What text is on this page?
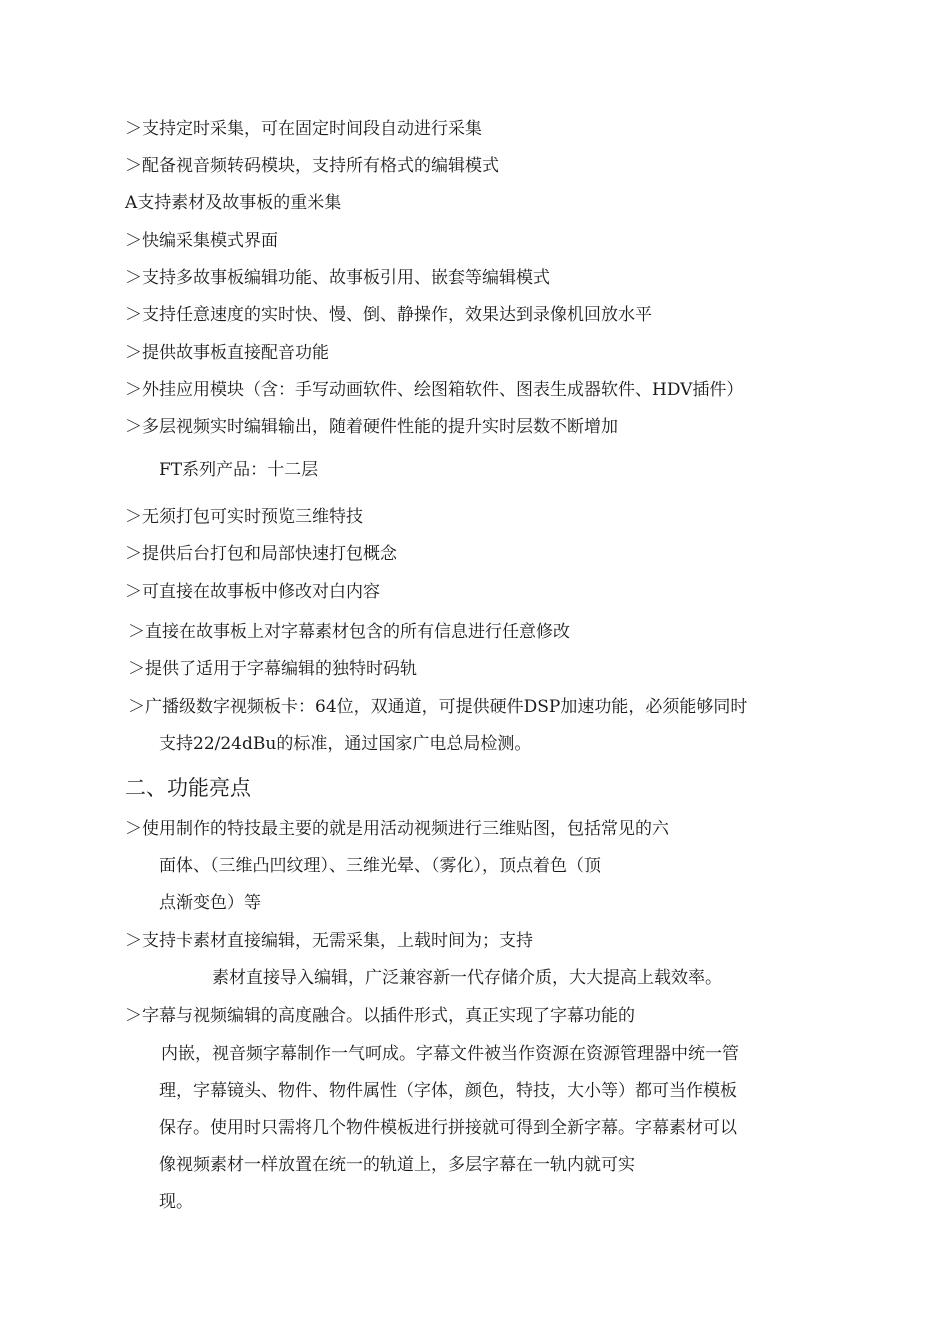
＞支持定时采集，可在固定时间段自动进行采集
＞配备视音频转码模块，支持所有格式的编辑模式
A支持素材及故事板的重米集
＞快编采集模式界面
＞支持多故事板编辑功能、故事板引用、嵌套等编辑模式
＞支持任意速度的实时快、慢、倒、静操作，效果达到录像机回放水平
＞提供故事板直接配音功能
＞外挂应用模块（含：手写动画软件、绘图箱软件、图表生成器软件、HDV插件）
＞多层视频实时编辑输出，随着硬件性能的提升实时层数不断增加
FT系列产品：十二层
＞无须打包可实时预览三维特技
＞提供后台打包和局部快速打包概念
＞可直接在故事板中修改对白内容
＞直接在故事板上对字幕素材包含的所有信息进行任意修改
＞提供了适用于字幕编辑的独特时码轨
＞广播级数字视频板卡：64位，双通道，可提供硬件DSP加速功能，必须能够同时
支持22/24dBu的标准，通过国家广电总局检测。
二、功能亮点
＞使用制作的特技最主要的就是用活动视频进行三维贴图，包括常见的六
面体、（三维凸凹纹理）、三维光晕、（雾化），顶点着色（顶
点渐变色）等
＞支持卡素材直接编辑，无需采集，上载时间为；支持
素材直接导入编辑，广泛兼容新一代存储介质，大大提高上载效率。
＞字幕与视频编辑的高度融合。以插件形式，真正实现了字幕功能的
内嵌，视音频字幕制作一气呵成。字幕文件被当作资源在资源管理器中统一管
理，字幕镜头、物件、物件属性（字体，颜色，特技，大小等）都可当作模板
保存。使用时只需将几个物件模板进行拼接就可得到全新字幕。字幕素材可以
像视频素材一样放置在统一的轨道上，多层字幕在一轨内就可实
现。
